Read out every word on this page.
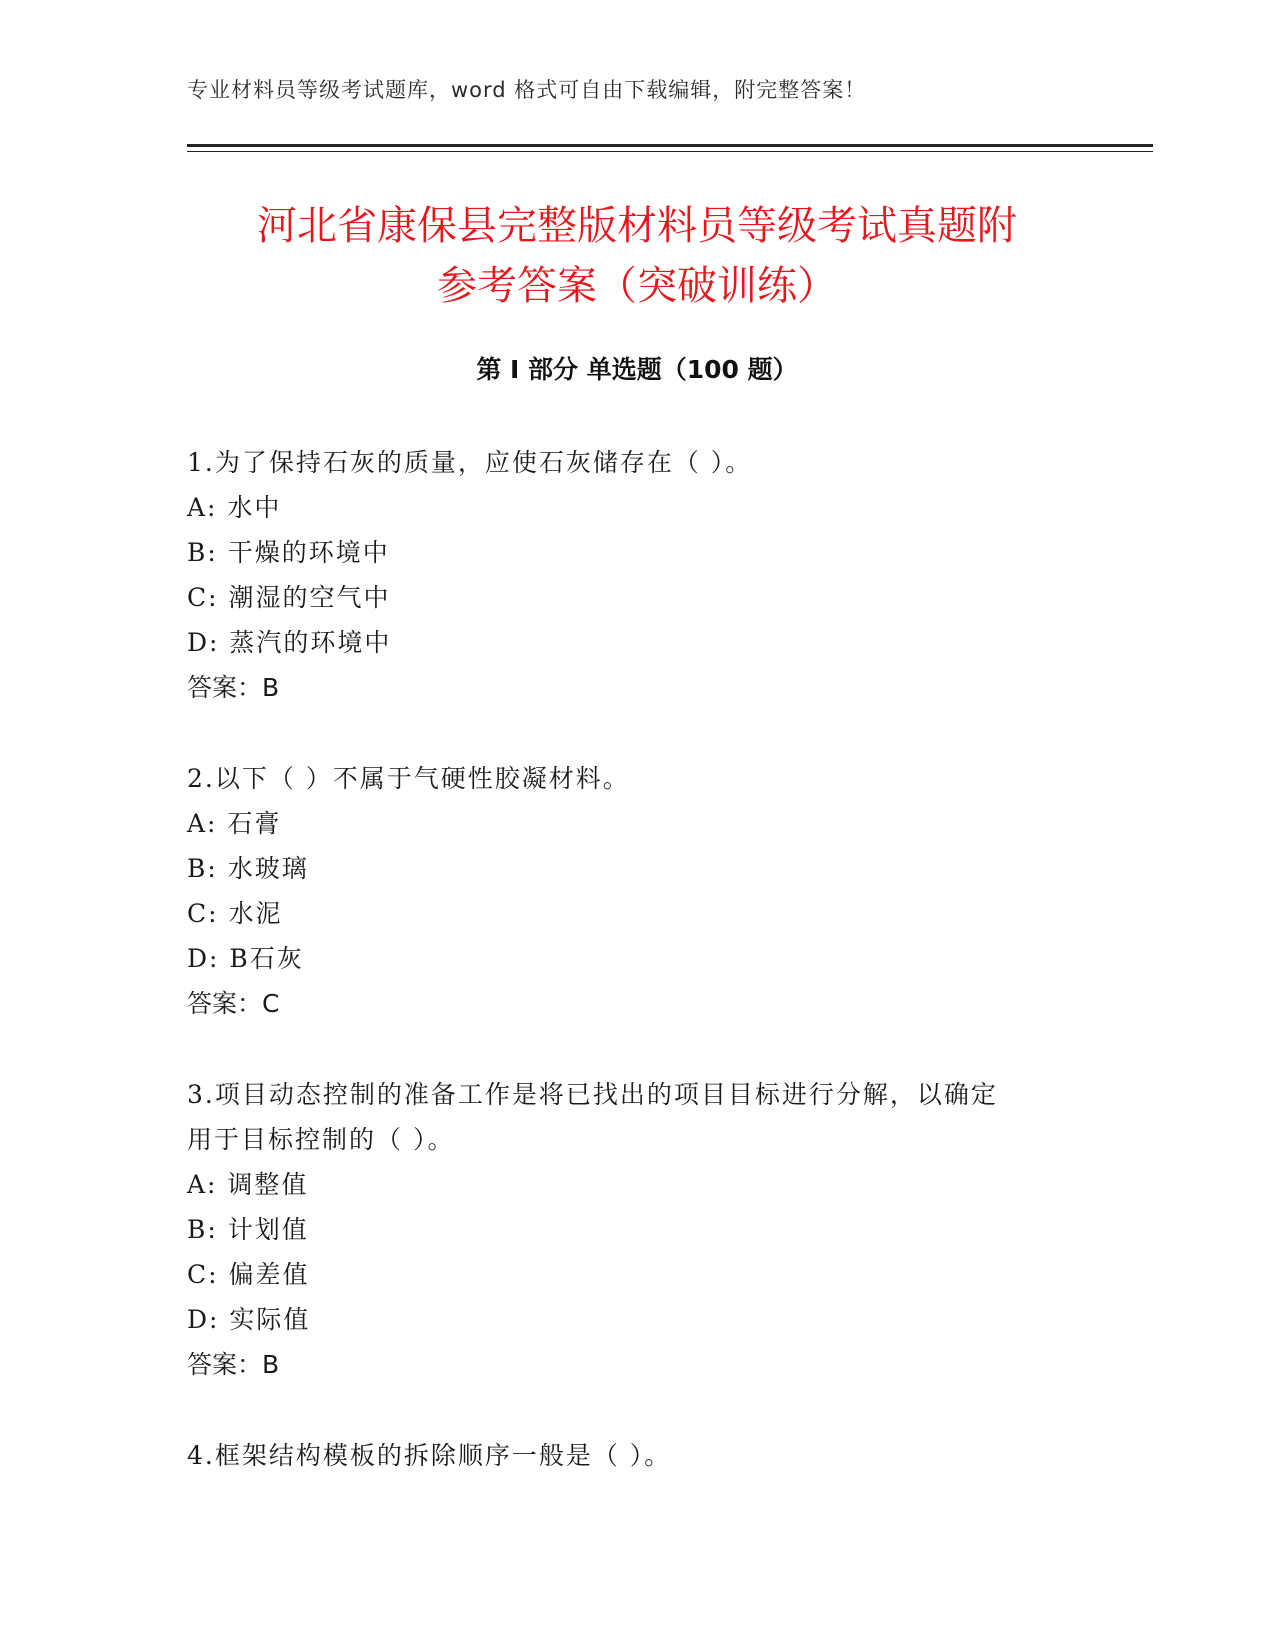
专业材料员等级考试题库，word 格式可自由下载编辑，附完整答案！
河北省康保县完整版材料员等级考试真题附
参考答案（突破训练）
第 I 部分 单选题（100 题）

1.为了保持石灰的质量，应使石灰储存在（ ）。

A: 水中

B: 干燥的环境中

C: 潮湿的空气中

D: 蒸汽的环境中

答案：B

2.以下（ ）不属于气硬性胶凝材料。

A: 石膏

B: 水玻璃

C: 水泥

D: B石灰

答案：C

3.项目动态控制的准备工作是将已找出的项目目标进行分解，以确定

用于目标控制的（ ）。

A: 调整值

B: 计划值

C: 偏差值

D: 实际值

答案：B

4.框架结构模板的拆除顺序一般是（ ）。
